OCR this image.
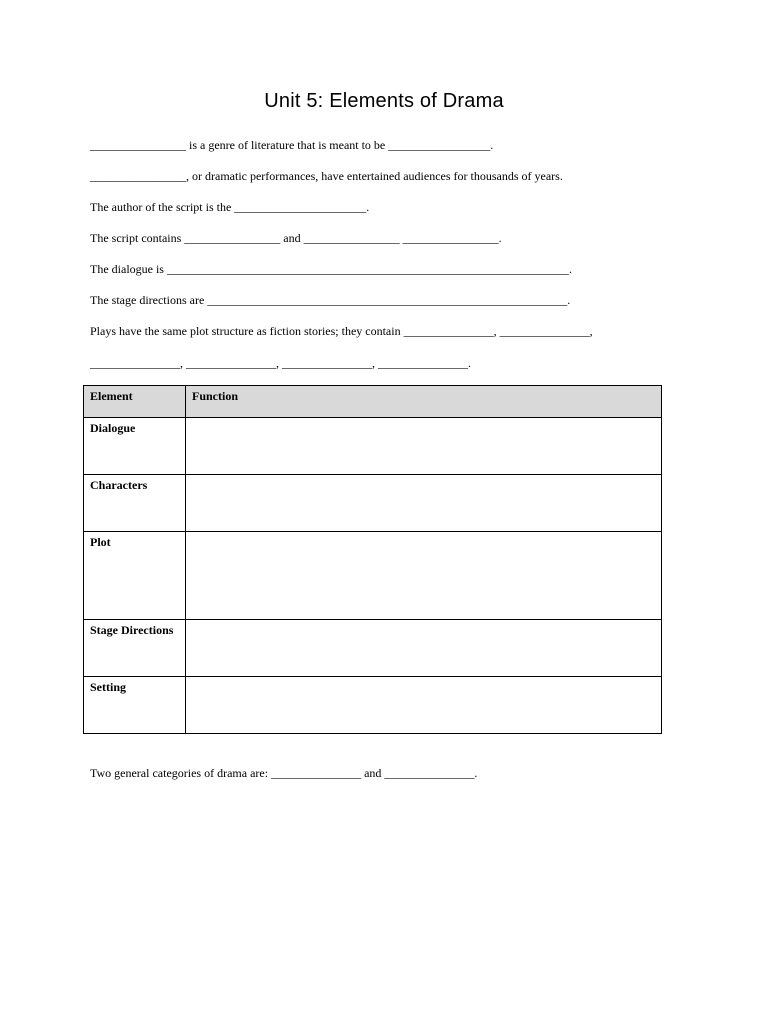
Unit 5: Elements of Drama
________________ is a genre of literature that is meant to be _________________.
________________, or dramatic performances, have entertained audiences for thousands of years.
The author of the script is the ______________________.
The script contains ________________ and ________________ ________________.
The dialogue is ___________________________________________________________________.
The stage directions are ____________________________________________________________.
Plays have the same plot structure as fiction stories; they contain _______________, _______________,
_______________, _______________, _______________, _______________.
Element	Function
Dialogue	
Characters	
Plot	
Stage Directions	
Setting	
Two general categories of drama are: _______________ and _______________.
